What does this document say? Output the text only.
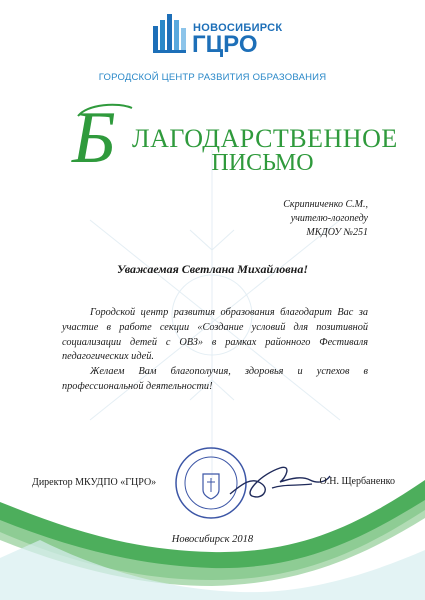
НОВОСИБИРСК
ГЦРО
ГОРОДСКОЙ ЦЕНТР РАЗВИТИЯ ОБРАЗОВАНИЯ
Б ЛАГОДАРСТВЕННОЕ
ПИСЬМО
Скрипниченко С.М.,
учителю-логопеду
МКДОУ №251
Уважаемая Светлана Михайловна!

Городской центр развития образования благодарит Вас за участие в работе секции «Создание условий для позитивной социализации детей с ОВЗ» в рамках районного Фестиваля педагогических идей.

Желаем Вам благополучия, здоровья и успехов в профессиональной деятельности!

Директор МКУДПО «ГЦРО»	О.Н. Щербаненко
Новосибирск 2018
